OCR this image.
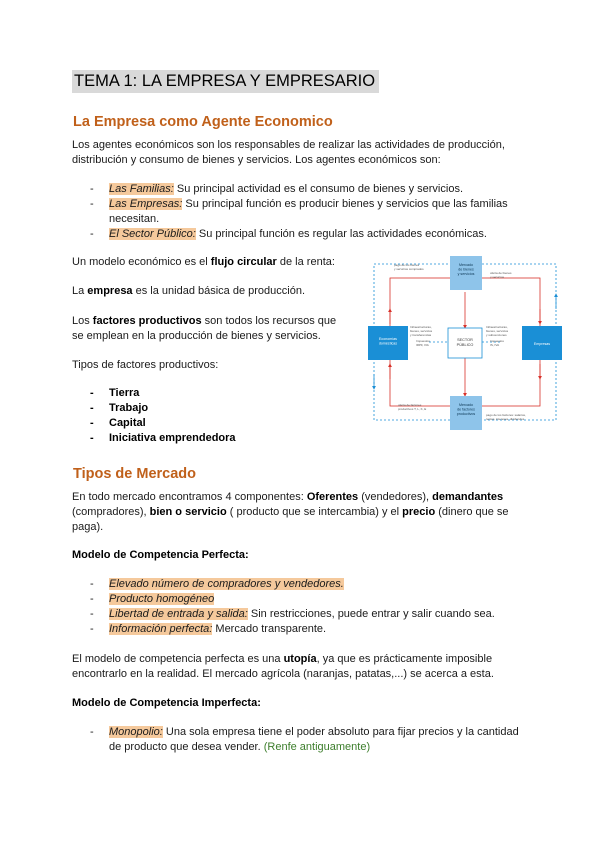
TEMA 1: LA EMPRESA Y EMPRESARIO
La Empresa como Agente Economico
Los agentes económicos son los responsables de realizar las actividades de producción,
distribución y consumo de bienes y servicios. Los agentes económicos son:
- Las Familias: Su principal actividad es el consumo de bienes y servicios.
- Las Empresas: Su principal función es producir bienes y servicios que las familias
necesitan.
- El Sector Público: Su principal función es regular las actividades económicas.
Un modelo económico es el flujo circular de la renta:
La empresa es la unidad básica de producción.
Los factores productivos son todos los recursos que
se emplean en la producción de bienes y servicios.
Tipos de factores productivos:
- Tierra
- Trabajo
- Capital
- Iniciativa emprendedora
Mercado de bienes y servicios
Mercado de factores productivos
Economías domésticas	Empresas
SECTOR PÚBLICO
pago de los bienes y servicios comprados
oferta de bienes y servicios
Infraestructuras, bienes, servicios y transferencias Impuestos IRPF, IVA
Infraestructuras, bienes, servicios y subvenciones Impuestos IS, IVA
oferta de factores productivos T, L, K, E
pago de los factores: salarios, rentas, intereses, dividendos
Tipos de Mercado
En todo mercado encontramos 4 componentes: Oferentes (vendedores), demandantes
(compradores), bien o servicio ( producto que se intercambia) y el precio (dinero que se
paga).
Modelo de Competencia Perfecta:
- Elevado número de compradores y vendedores.
- Producto homogéneo
- Libertad de entrada y salida: Sin restricciones, puede entrar y salir cuando sea.
- Información perfecta: Mercado transparente.
El modelo de competencia perfecta es una utopía, ya que es prácticamente imposible
encontrarlo en la realidad. El mercado agrícola (naranjas, patatas,...) se acerca a esta.
Modelo de Competencia Imperfecta:
- Monopolio: Una sola empresa tiene el poder absoluto para fijar precios y la cantidad
de producto que desea vender. (Renfe antiguamente)
